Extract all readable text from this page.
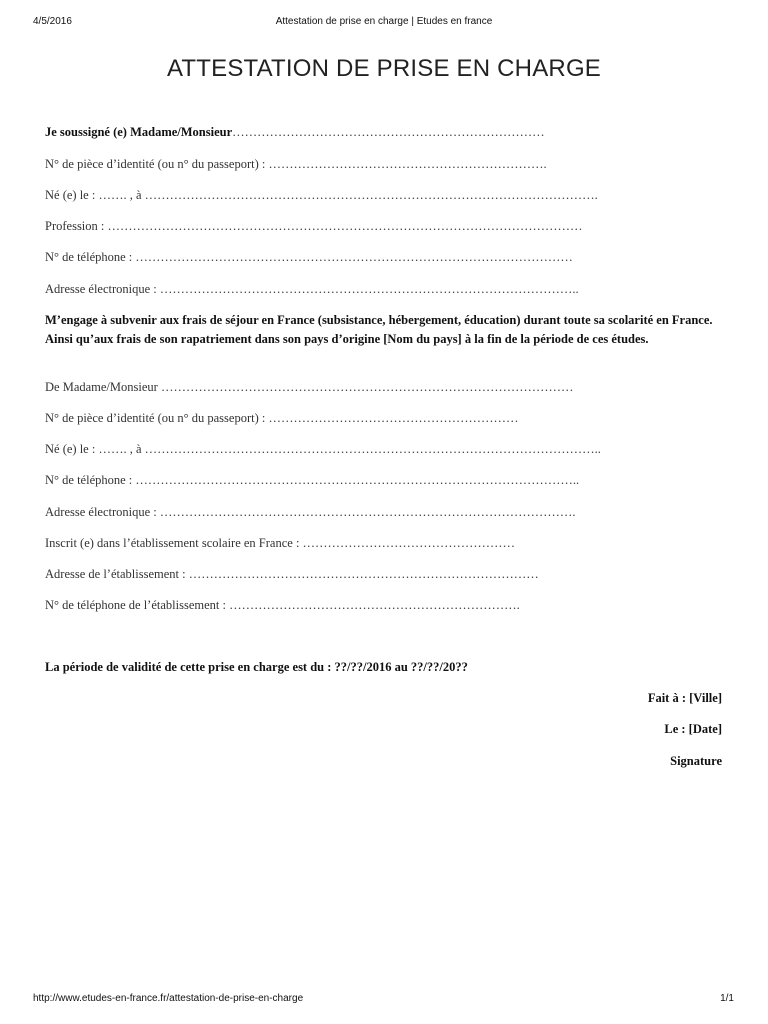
4/5/2016	Attestation de prise en charge | Etudes en france
ATTESTATION DE PRISE EN CHARGE
Je soussigné (e) Madame/Monsieur…………………………………………………………………
N° de pièce d’identité (ou n° du passeport) : ………………………………………………………….
Né (e) le : ……. , à ……………………………………………………………………………………………….
Profession : ……………………………………………………………………………………………………
N° de téléphone : ……………………………………………………………………………………………
Adresse électronique : ………………………………………………………………………………………..
M’engage à subvenir aux frais de séjour en France (subsistance, hébergement, éducation) durant toute sa scolarité en France. Ainsi qu’aux frais de son rapatriement dans son pays d’origine [Nom du pays] à la fin de la période de ces études.
De Madame/Monsieur ………………………………………………………………………………………
N° de pièce d’identité (ou n° du passeport) : ……………………………………………………
Né (e) le : ……. , à ………………………………………………………………………………………………..
N° de téléphone : ……………………………………………………………………………………………..
Adresse électronique : ……………………………………………………………………………………….
Inscrit (e) dans l’établissement scolaire en France : ……………………………………………
Adresse de l’établissement : …………………………………………………………………………
N° de téléphone de l’établissement : …………………………………………………………….
La période de validité de cette prise en charge est du : ??/??/2016 au ??/??/20??
Fait à : [Ville]
Le : [Date]
Signature
http://www.etudes-en-france.fr/attestation-de-prise-en-charge	1/1
